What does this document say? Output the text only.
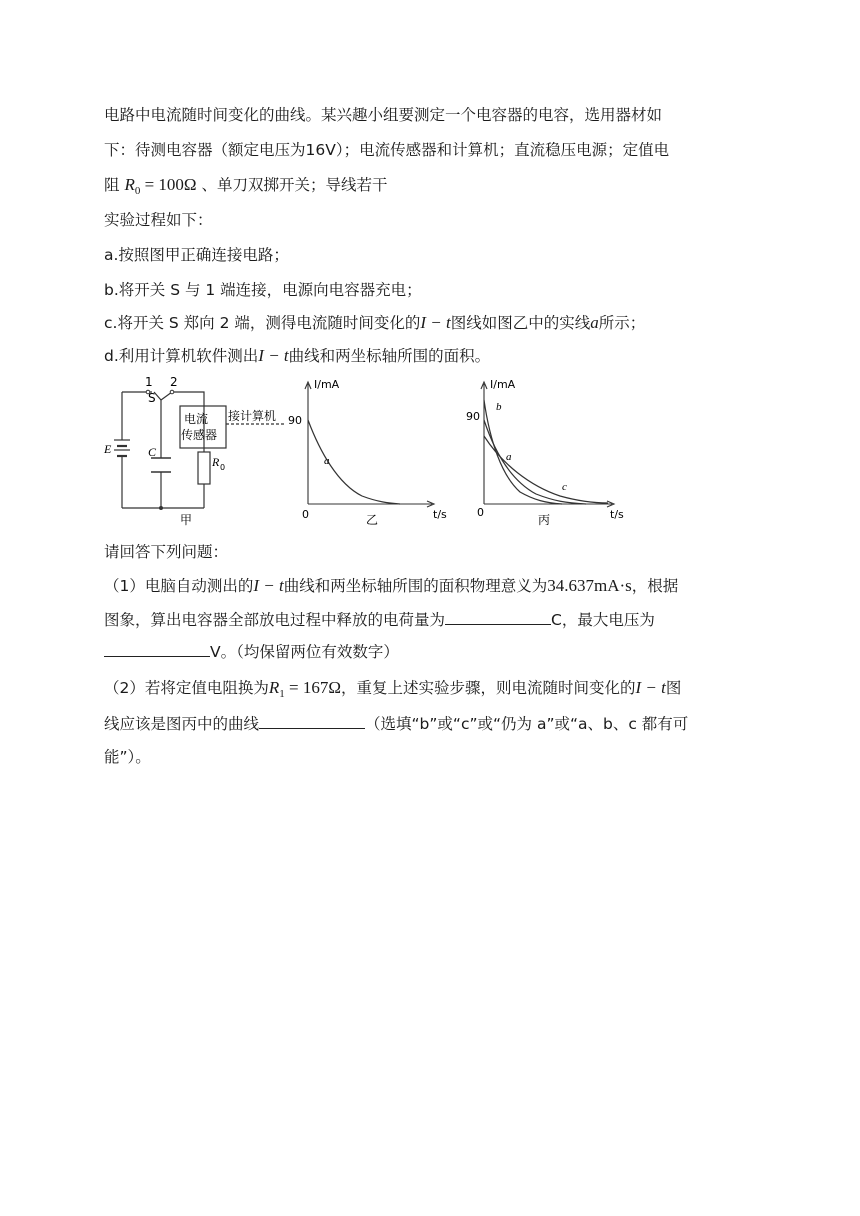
电路中电流随时间变化的曲线。某兴趣小组要测定一个电容器的电容，选用器材如
下：待测电容器（额定电压为16V）；电流传感器和计算机；直流稳压电源；定值电
阻 $R_0 = 100\Omega$ 、单刀双掷开关；导线若干
实验过程如下：
a.按照图甲正确连接电路；
b.将开关 S 与 1 端连接，电源向电容器充电；
c.将开关 S 郑向 2 端，测得电流随时间变化的I − t图线如图乙中的实线a所示；
d.利用计算机软件测出I − t曲线和两坐标轴所围的面积。
1 2
S
电流
传感器
接计算机
E	C
R 0
甲
I/mA
90
0	t/s
a
乙
I/mA
90
0	t/s
b
a
c
丙
请回答下列问题：
（1）电脑自动测出的I − t曲线和两坐标轴所围的面积物理意义为34.637mA·s，根据
图象，算出电容器全部放电过程中释放的电荷量为	C，最大电压为
V。（均保留两位有效数字）
（2）若将定值电阻换为$R_1 = 167\Omega$，重复上述实验步骤，则电流随时间变化的I − t图
线应该是图丙中的曲线	（选填“b”或“c”或“仍为 a”或“a、b、c 都有可
能”）。
